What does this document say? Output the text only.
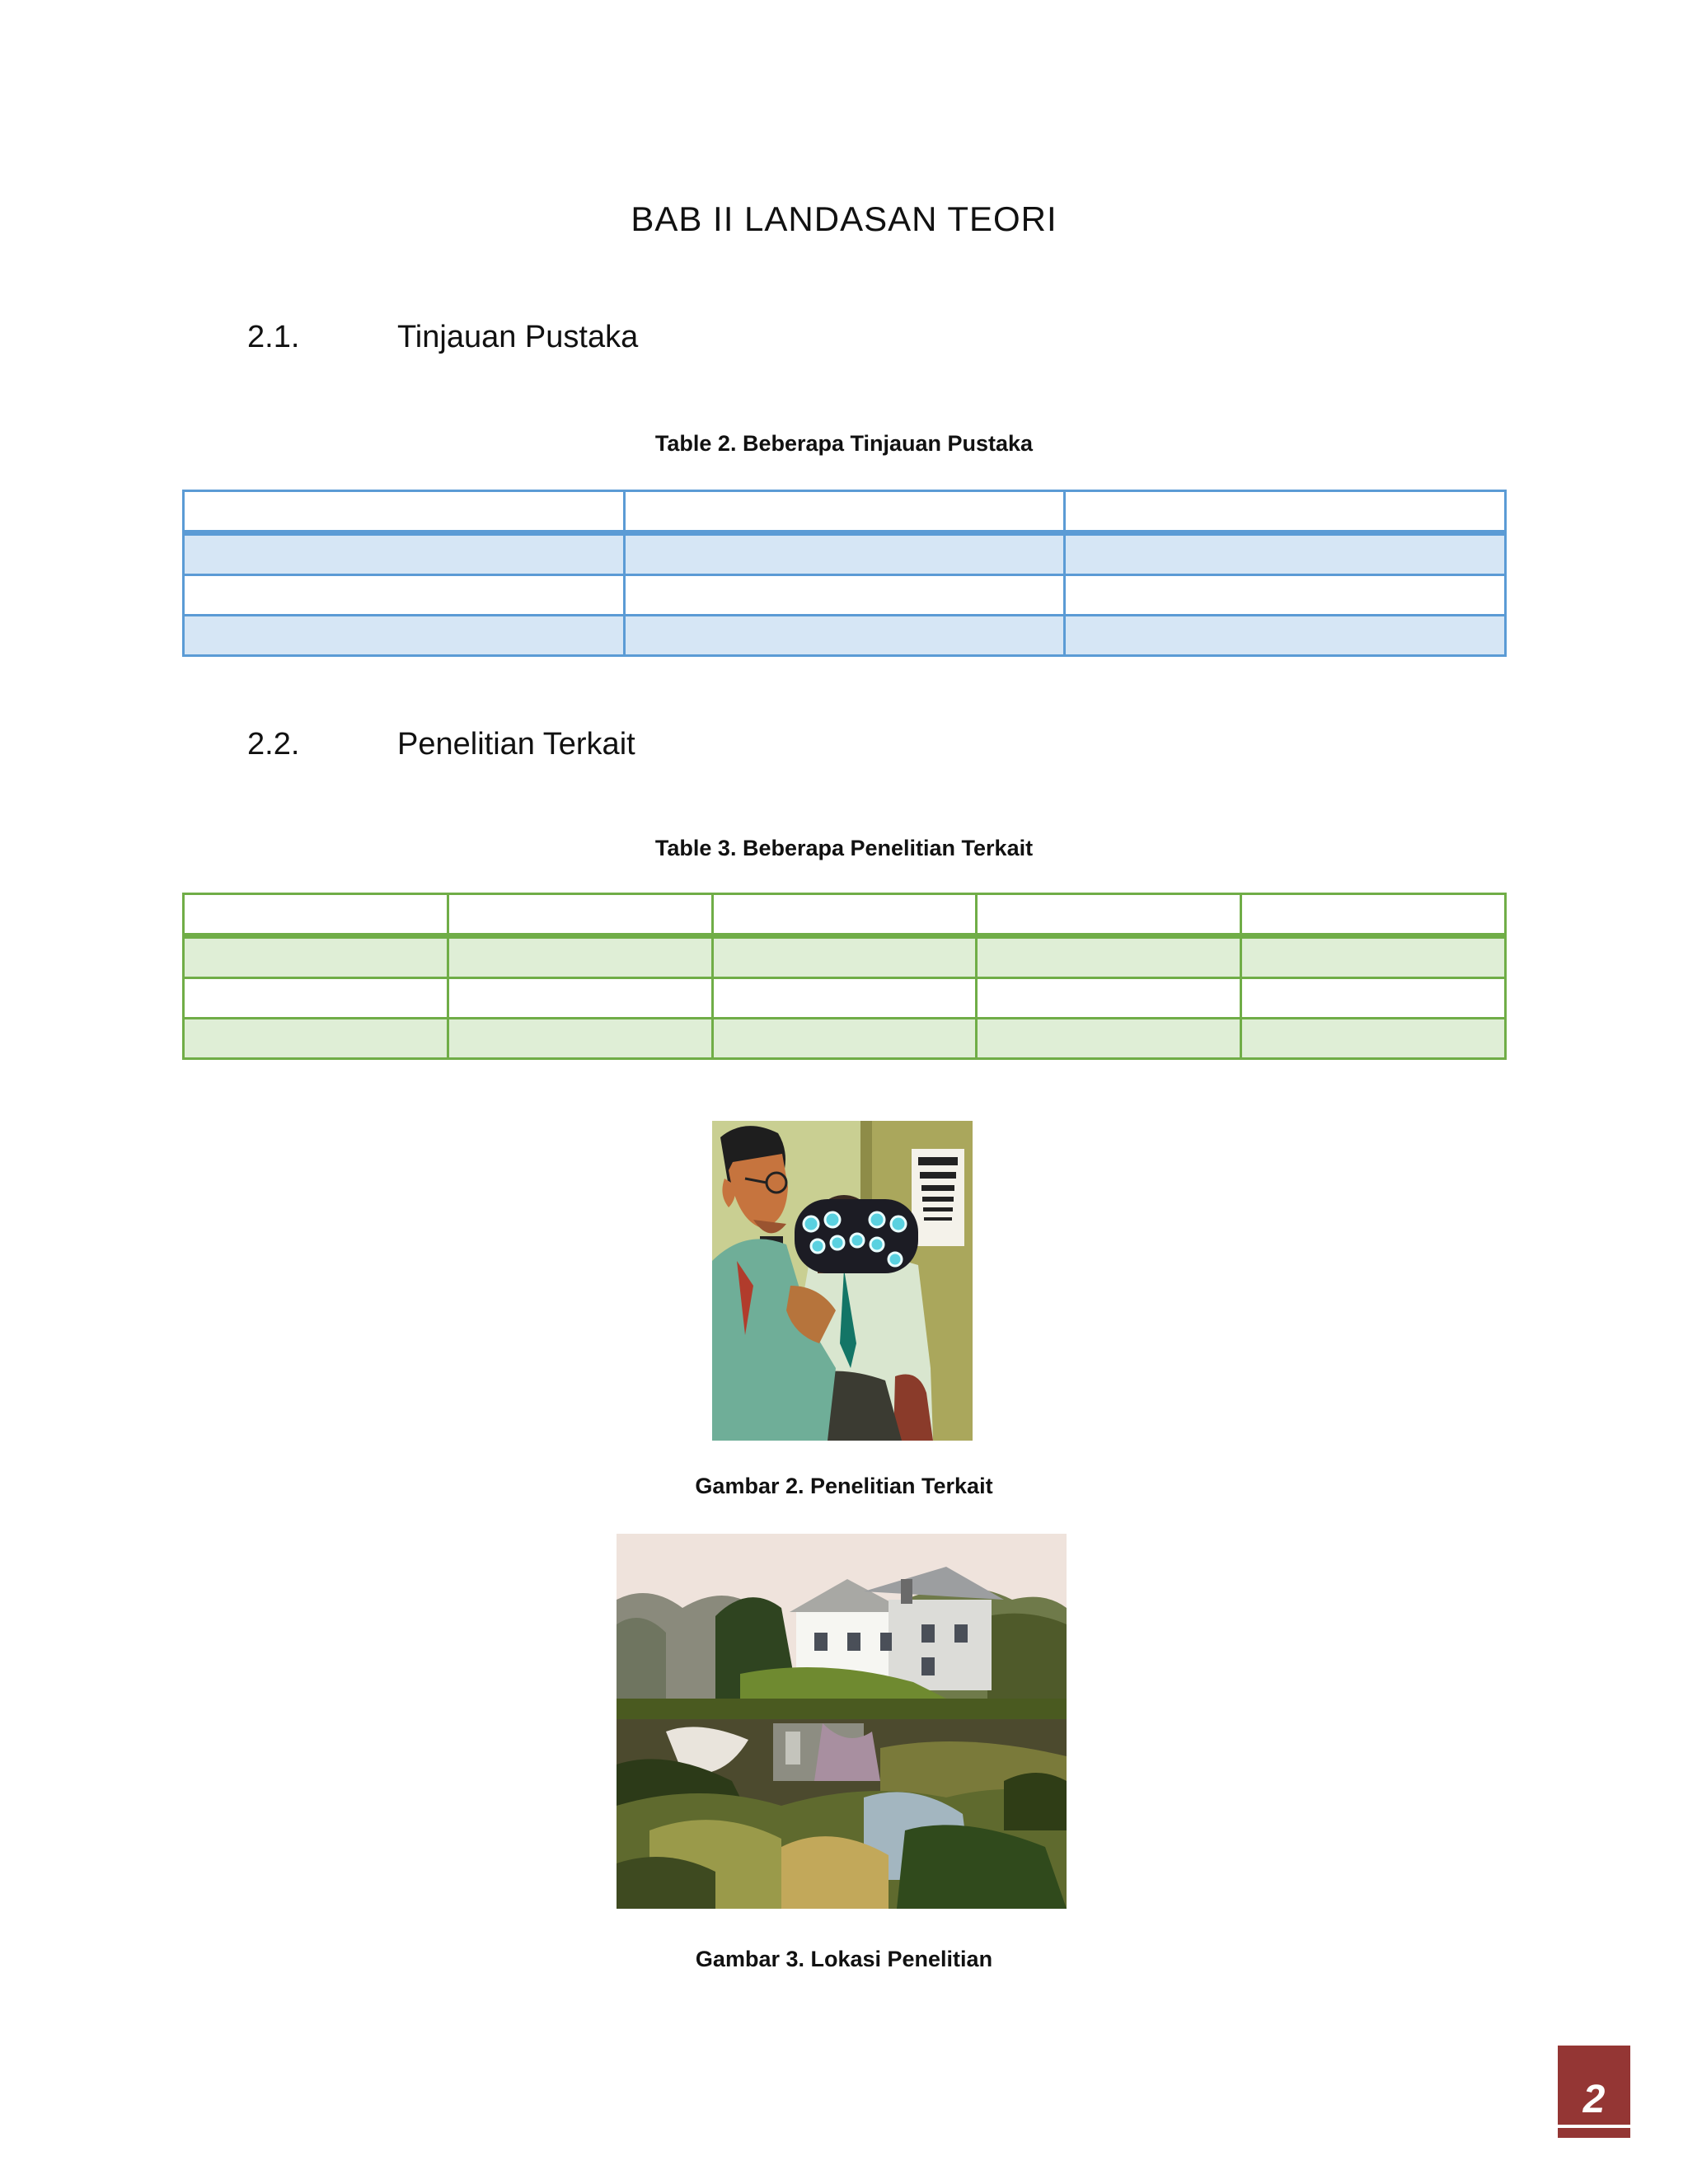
BAB II LANDASAN TEORI
2.1.	Tinjauan Pustaka
Table 2. Beberapa Tinjauan Pustaka

2.2.	Penelitian Terkait
Table 3. Beberapa Penelitian Terkait

Gambar 2. Penelitian Terkait
Gambar 3. Lokasi Penelitian
2
